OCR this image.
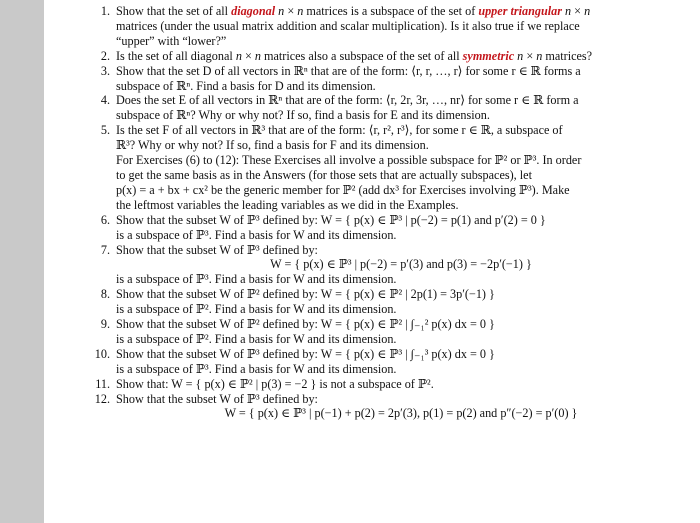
1. Show that the set of all diagonal n × n matrices is a subspace of the set of upper triangular n × n

matrices (under the usual matrix addition and scalar multiplication). Is it also true if we replace

“upper” with “lower?”

2. Is the set of all diagonal n × n matrices also a subspace of the set of all symmetric n × n matrices?

3. Show that the set D of all vectors in ℝⁿ that are of the form: ⟨r, r, …, r⟩ for some r ∈ ℝ forms a

subspace of ℝⁿ. Find a basis for D and its dimension.

4. Does the set E of all vectors in ℝⁿ that are of the form: ⟨r, 2r, 3r, …, nr⟩ for some r ∈ ℝ form a

subspace of ℝⁿ? Why or why not? If so, find a basis for E and its dimension.

5. Is the set F of all vectors in ℝ³ that are of the form: ⟨r, r², r³⟩, for some r ∈ ℝ, a subspace of

ℝ³? Why or why not? If so, find a basis for F and its dimension.

For Exercises (6) to (12): These Exercises all involve a possible subspace for ℙ² or ℙ³. In order

to get the same basis as in the Answers (for those sets that are actually subspaces), let

p(x) = a + bx + cx² be the generic member for ℙ² (add dx³ for Exercises involving ℙ³). Make

the leftmost variables the leading variables as we did in the Examples.

6. Show that the subset W of ℙ³ defined by: W = { p(x) ∈ ℙ³ | p(−2) = p(1) and p′(2) = 0 }

is a subspace of ℙ³. Find a basis for W and its dimension.

7. Show that the subset W of ℙ³ defined by:

W = { p(x) ∈ ℙ³ | p(−2) = p′(3) and p(3) = −2p′(−1) }

is a subspace of ℙ³. Find a basis for W and its dimension.

8. Show that the subset W of ℙ² defined by: W = { p(x) ∈ ℙ² | 2p(1) = 3p′(−1) }

is a subspace of ℙ². Find a basis for W and its dimension.

9. Show that the subset W of ℙ² defined by: W = { p(x) ∈ ℙ² | ∫₋₁² p(x) dx = 0 }

is a subspace of ℙ². Find a basis for W and its dimension.

10. Show that the subset W of ℙ³ defined by: W = { p(x) ∈ ℙ³ | ∫₋₁³ p(x) dx = 0 }

is a subspace of ℙ³. Find a basis for W and its dimension.

11. Show that: W = { p(x) ∈ ℙ² | p(3) = −2 } is not a subspace of ℙ².

12. Show that the subset W of ℙ³ defined by:

W = { p(x) ∈ ℙ³ | p(−1) + p(2) = 2p′(3), p(1) = p(2) and p″(−2) = p′(0) }
